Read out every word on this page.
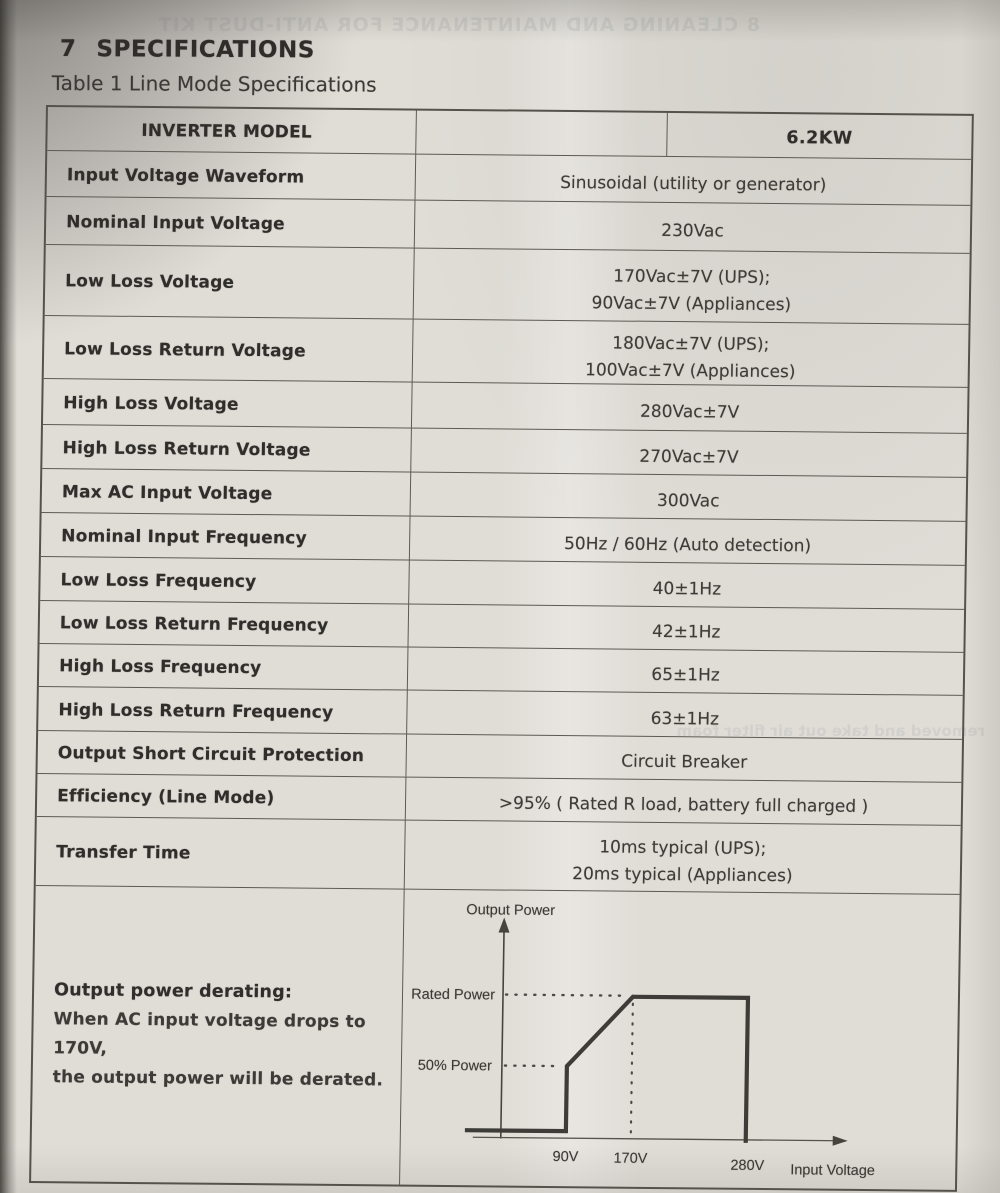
8 CLEANING AND MAINTENANCE FOR ANTI-DUST KIT
removed and take out air filter foam
7 SPECIFICATIONS
Table 1 Line Mode Specifications
INVERTER MODEL	6.2KW
Input Voltage Waveform	Sinusoidal (utility or generator)
Nominal Input Voltage	230Vac
Low Loss Voltage	170Vac±7V (UPS);
90Vac±7V (Appliances)
Low Loss Return Voltage	180Vac±7V (UPS);
100Vac±7V (Appliances)
High Loss Voltage	280Vac±7V
High Loss Return Voltage	270Vac±7V
Max AC Input Voltage	300Vac
Nominal Input Frequency	50Hz / 60Hz (Auto detection)
Low Loss Frequency	40±1Hz
Low Loss Return Frequency	42±1Hz
High Loss Frequency	65±1Hz
High Loss Return Frequency	63±1Hz
Output Short Circuit Protection	Circuit Breaker
Efficiency (Line Mode)	>95% ( Rated R load, battery full charged )
Transfer Time	10ms typical (UPS);
20ms typical (Appliances)
Output power derating:
When AC input voltage drops to 170V,
the output power will be derated.
Output Power
Rated Power
50% Power
90V 170V	280V Input Voltage
